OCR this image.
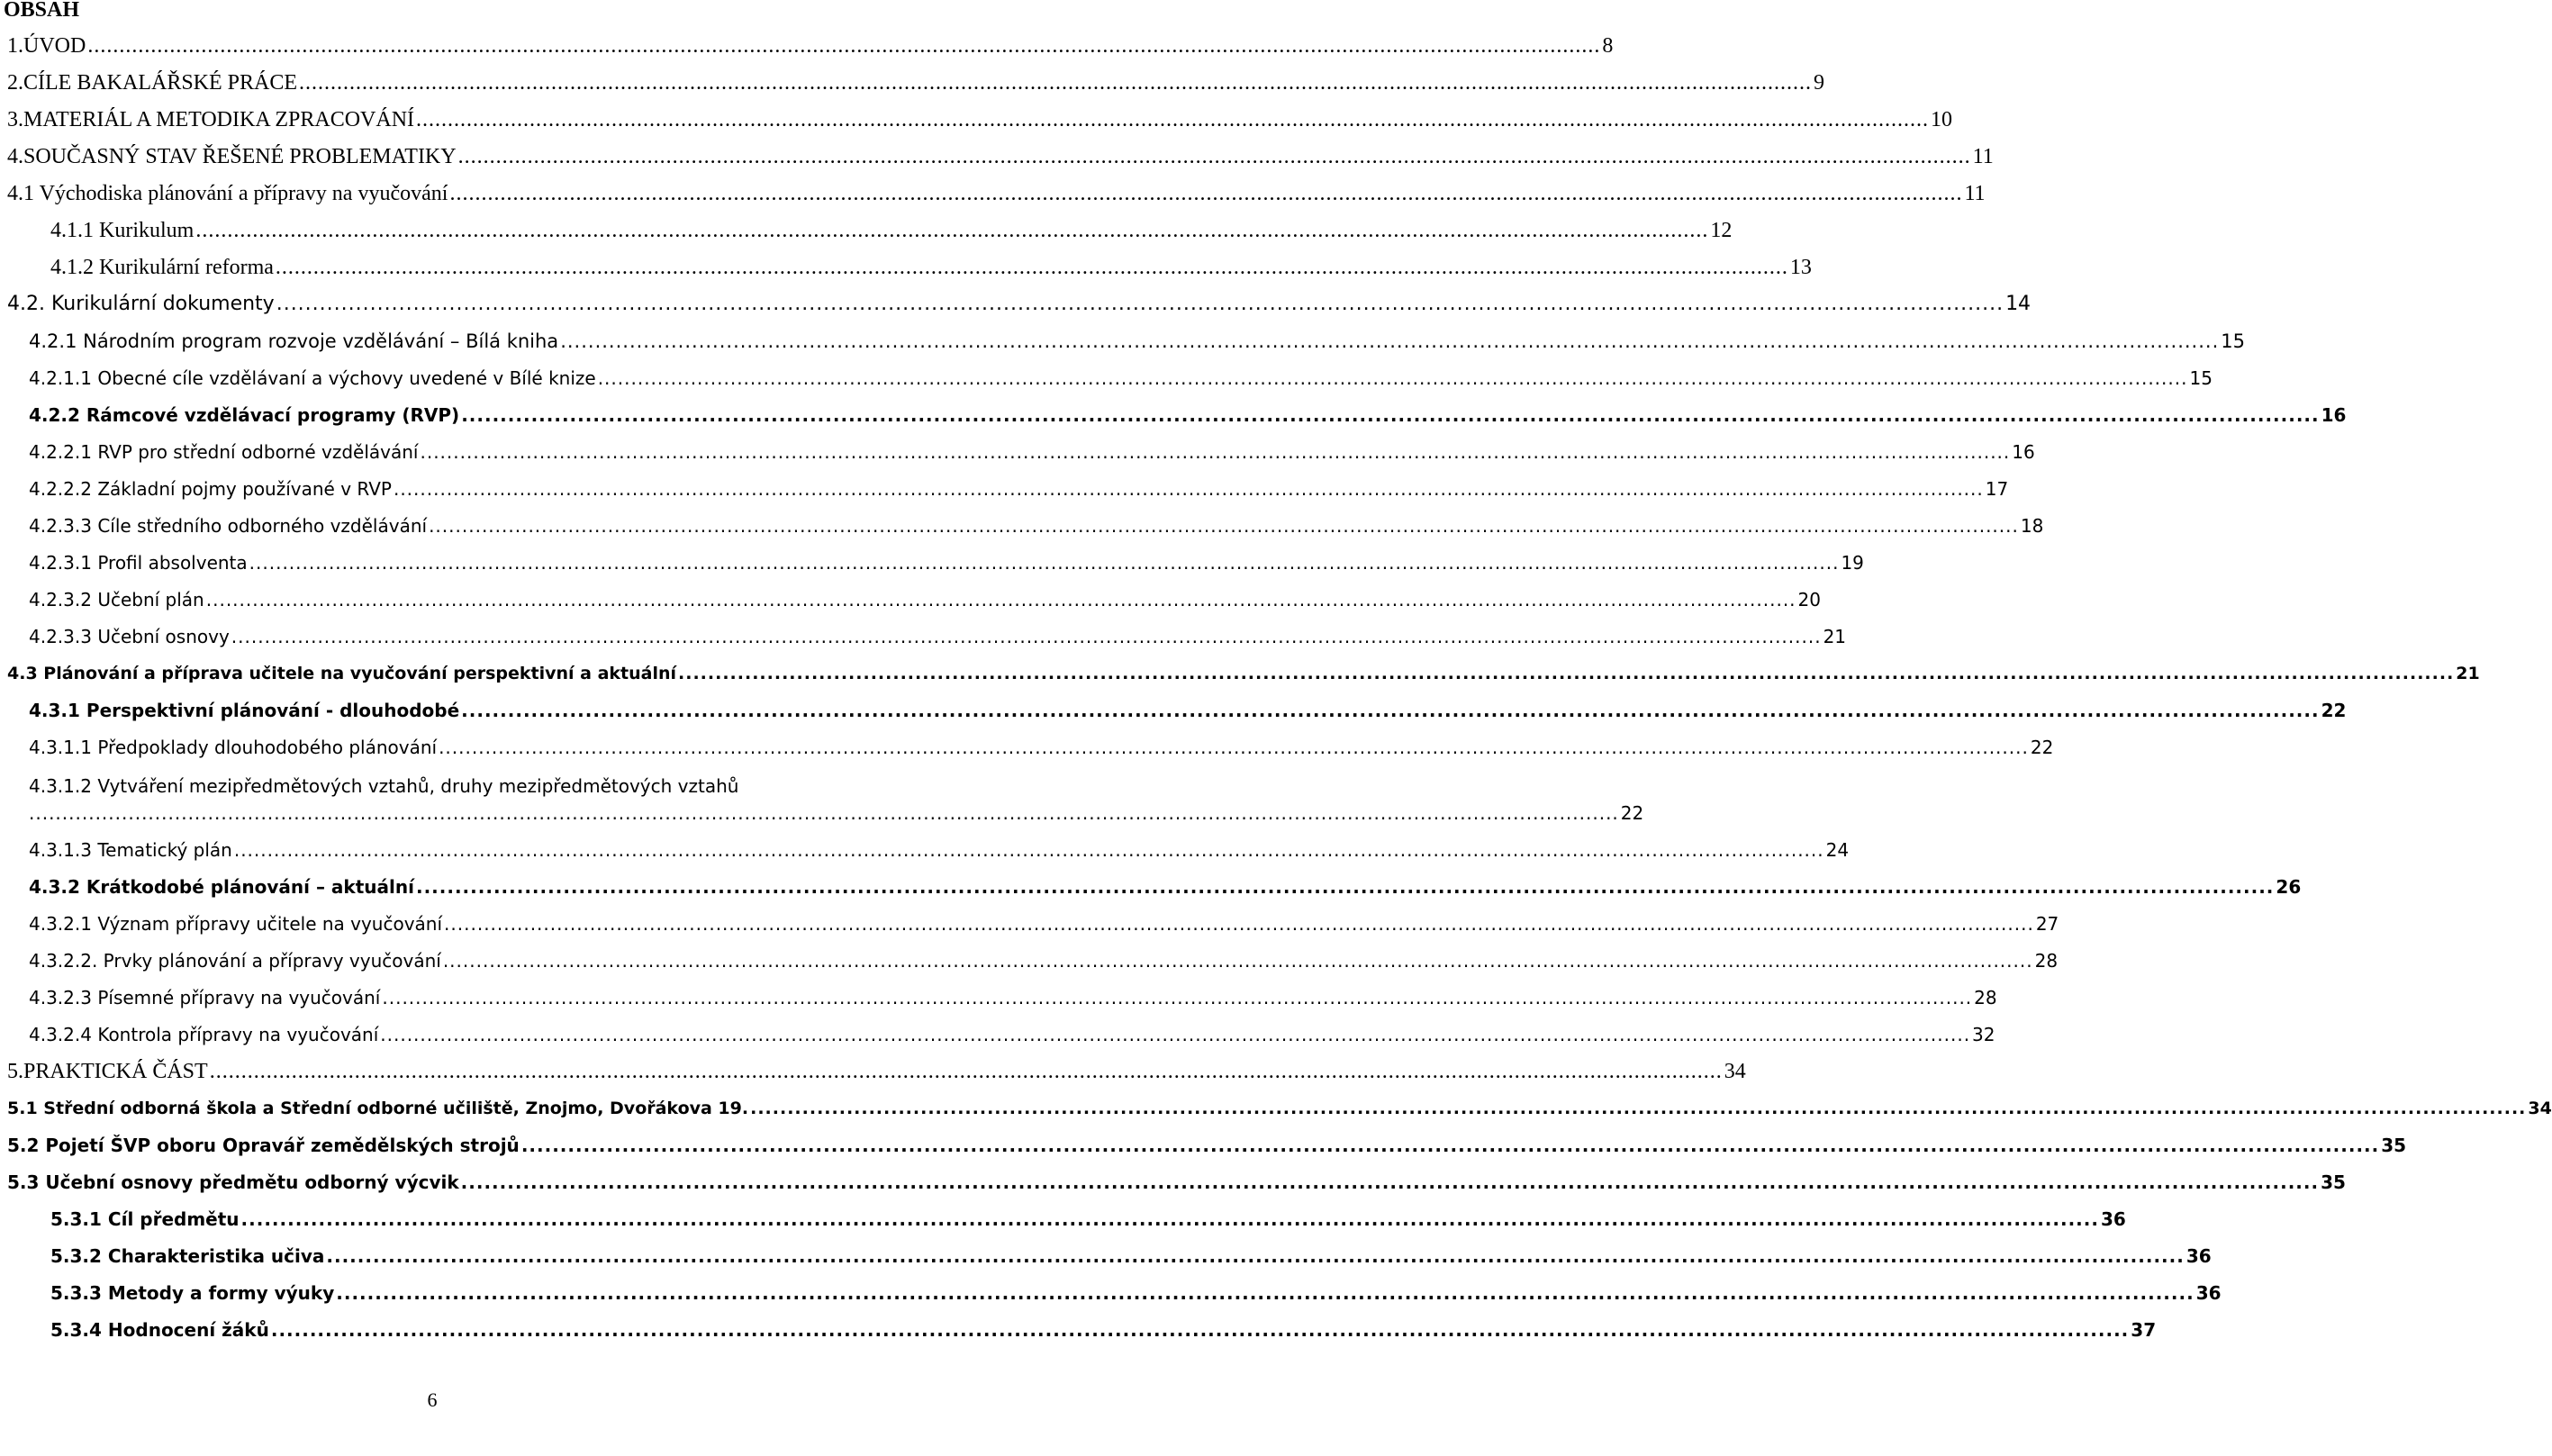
OBSAH
1. ÚVOD .....	8
2. CÍLE BAKALÁŘSKÉ PRÁCE .....	9
3. MATERIÁL A METODIKA ZPRACOVÁNÍ .....	10
4. SOUČASNÝ STAV ŘEŠENÉ PROBLEMATIKY .....	11
4.1 Východiska plánování a přípravy na vyučování .....	11
4.1.1 Kurikulum .....	12
4.1.2 Kurikulární reforma .....	13
4.2. Kurikulární dokumenty .....	14
4.2.1 Národním program rozvoje vzdělávání – Bílá kniha .....	15
4.2.1.1 Obecné cíle vzdělávaní a výchovy uvedené v Bílé knize .....	15
4.2.2 Rámcové vzdělávací programy (RVP) .....	16
4.2.2.1 RVP pro střední odborné vzdělávání .....	16
4.2.2.2 Základní pojmy používané v RVP .....	17
4.2.3.3 Cíle středního odborného vzdělávání .....	18
4.2.3.1 Profil absolventa .....	19
4.2.3.2 Učební plán .....	20
4.2.3.3 Učební osnovy .....	21
4.3 Plánování a příprava učitele na vyučování perspektivní a aktuální .....	21
4.3.1 Perspektivní plánování - dlouhodobé .....	22
4.3.1.1 Předpoklady dlouhodobého plánování .....	22
4.3.1.2 Vytváření mezipředmětových vztahů, druhy mezipředmětových vztahů
.....
22
4.3.1.3 Tematický plán .....	24
4.3.2 Krátkodobé plánování – aktuální .....	26
4.3.2.1 Význam přípravy učitele na vyučování .....	27
4.3.2.2. Prvky plánování a přípravy vyučování .....	28
4.3.2.3 Písemné přípravy na vyučování .....	28
4.3.2.4 Kontrola přípravy na vyučování .....	32
5. PRAKTICKÁ ČÁST .....	34
5.1 Střední odborná škola a Střední odborné učiliště, Znojmo, Dvořákova 19. .....	34
5.2 Pojetí ŠVP oboru Opravář zemědělských strojů .....	35
5.3 Učební osnovy předmětu odborný výcvik .....	35
5.3.1 Cíl předmětu .....	36
5.3.2 Charakteristika učiva .....	36
5.3.3 Metody a formy výuky .....	36
5.3.4 Hodnocení žáků .....	37
6
